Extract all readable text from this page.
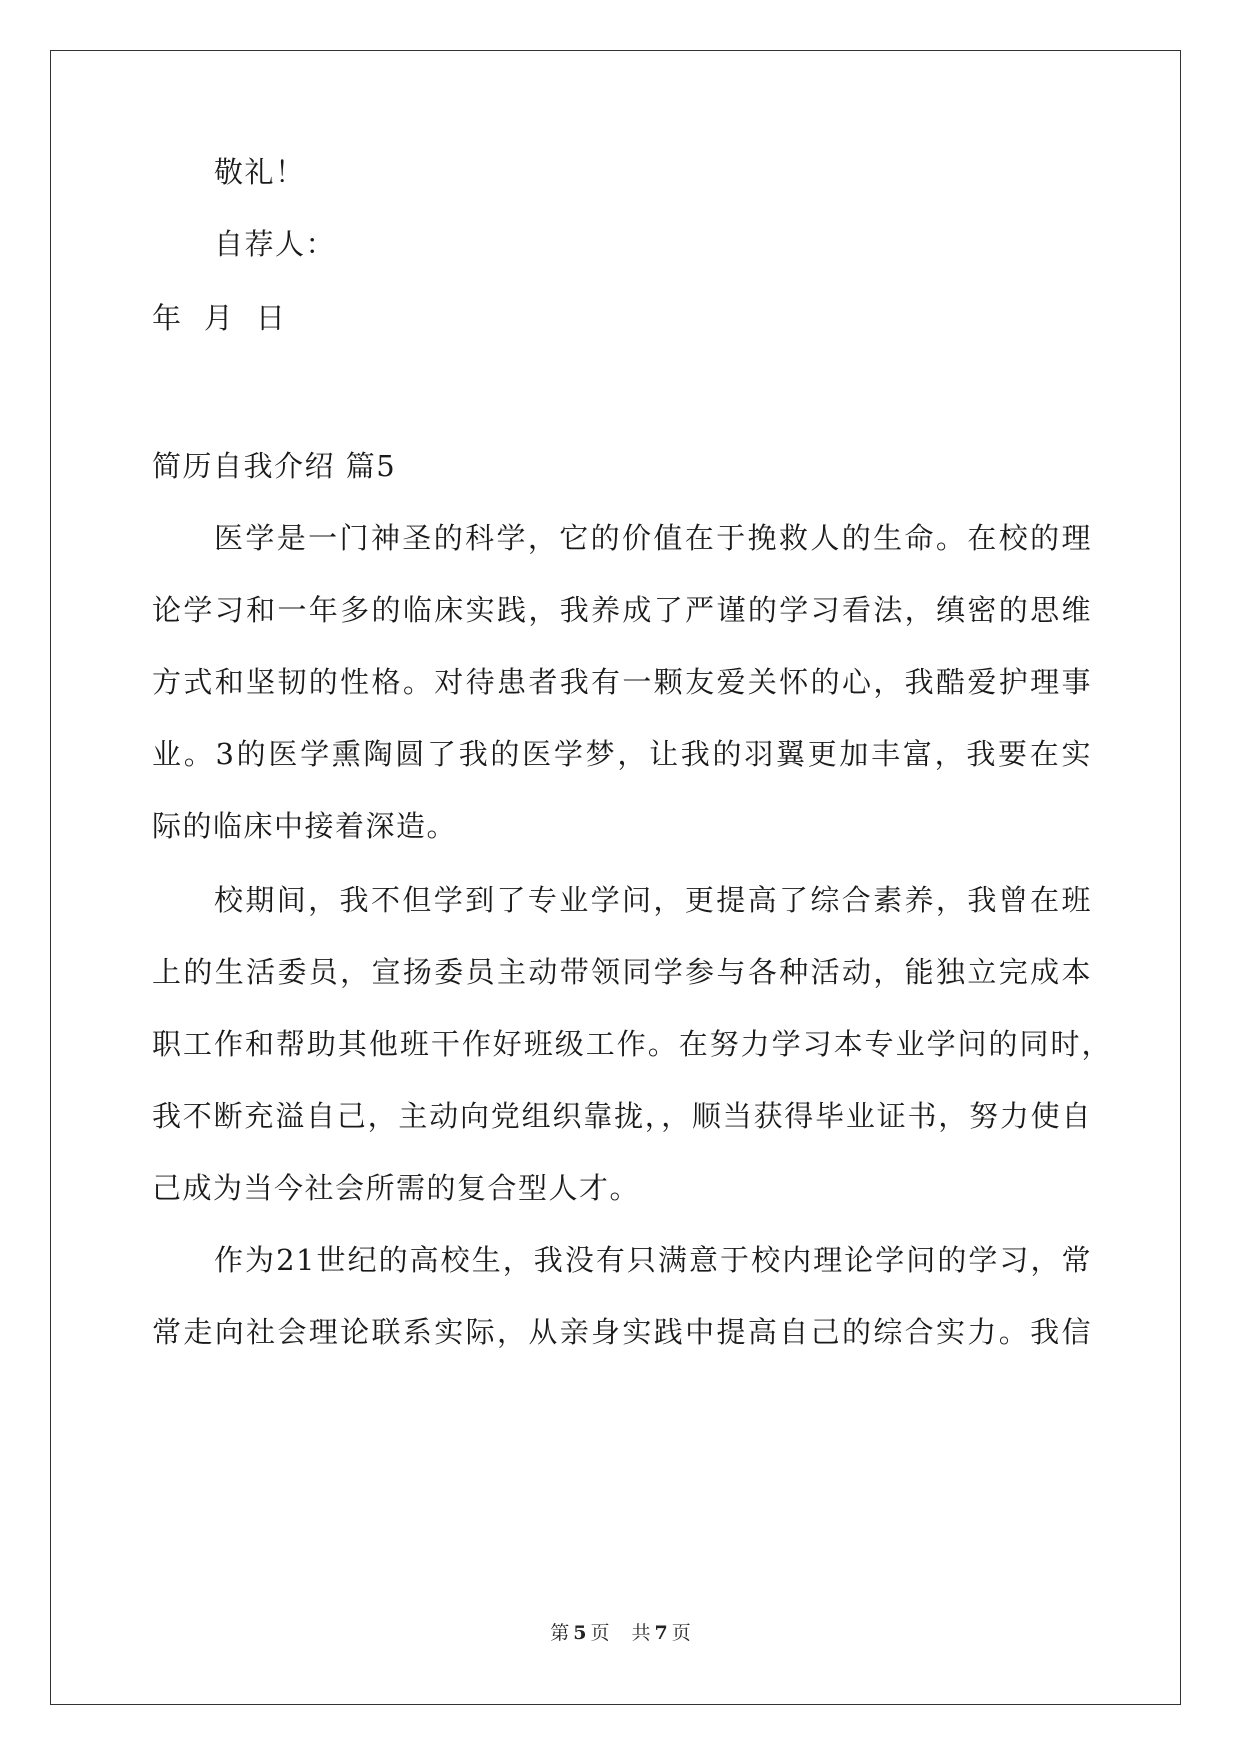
敬礼！
自荐人：
年  月  日
简历自我介绍 篇5
医学是一门神圣的科学，它的价值在于挽救人的生命。在校的理
论学习和一年多的临床实践，我养成了严谨的学习看法，缜密的思维
方式和坚韧的性格。对待患者我有一颗友爱关怀的心，我酷爱护理事
业。3的医学熏陶圆了我的医学梦，让我的羽翼更加丰富，我要在实
际的临床中接着深造。
校期间，我不但学到了专业学问，更提高了综合素养，我曾在班
上的生活委员，宣扬委员主动带领同学参与各种活动，能独立完成本
职工作和帮助其他班干作好班级工作。在努力学习本专业学问的同时，
我不断充溢自己，主动向党组织靠拢，，顺当获得毕业证书，努力使自
己成为当今社会所需的复合型人才。
作为21世纪的高校生，我没有只满意于校内理论学问的学习，常
常走向社会理论联系实际，从亲身实践中提高自己的综合实力。我信
第 5 页 共 7 页
